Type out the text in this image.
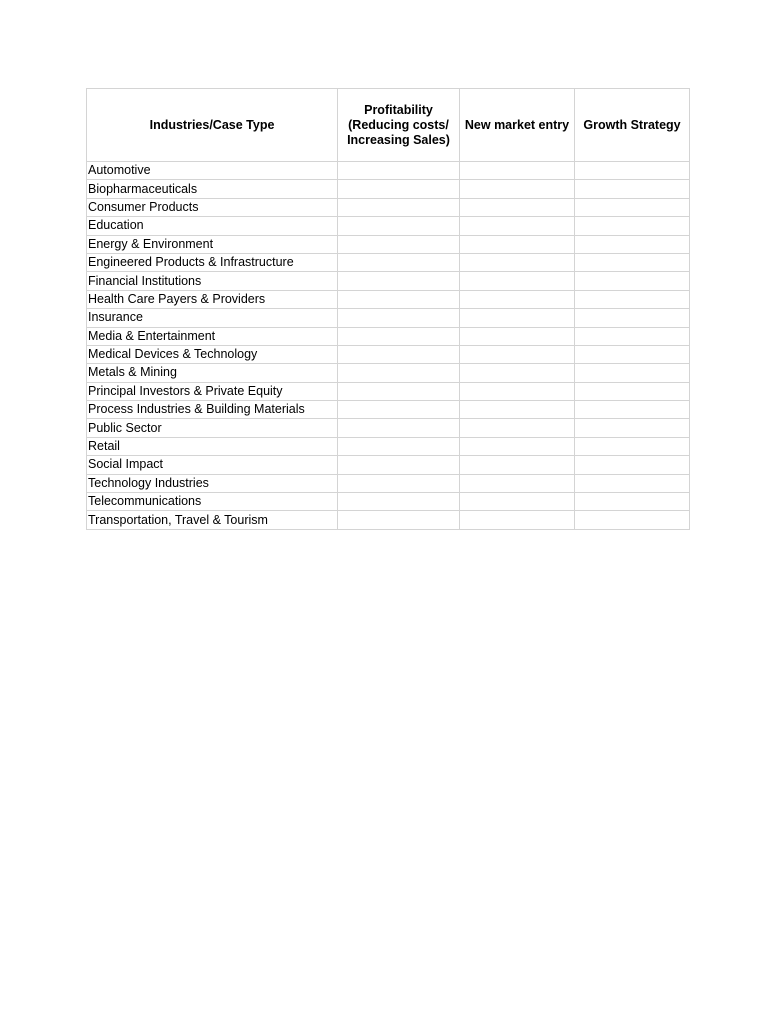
Industries/Case Type	Profitability (Reducing costs/ Increasing Sales)	New market entry	Growth Strategy
Automotive			
Biopharmaceuticals			
Consumer Products			
Education			
Energy & Environment			
Engineered Products & Infrastructure			
Financial Institutions			
Health Care Payers & Providers			
Insurance			
Media & Entertainment			
Medical Devices & Technology			
Metals & Mining			
Principal Investors & Private Equity			
Process Industries & Building Materials			
Public Sector			
Retail			
Social Impact			
Technology Industries			
Telecommunications			
Transportation, Travel & Tourism			
